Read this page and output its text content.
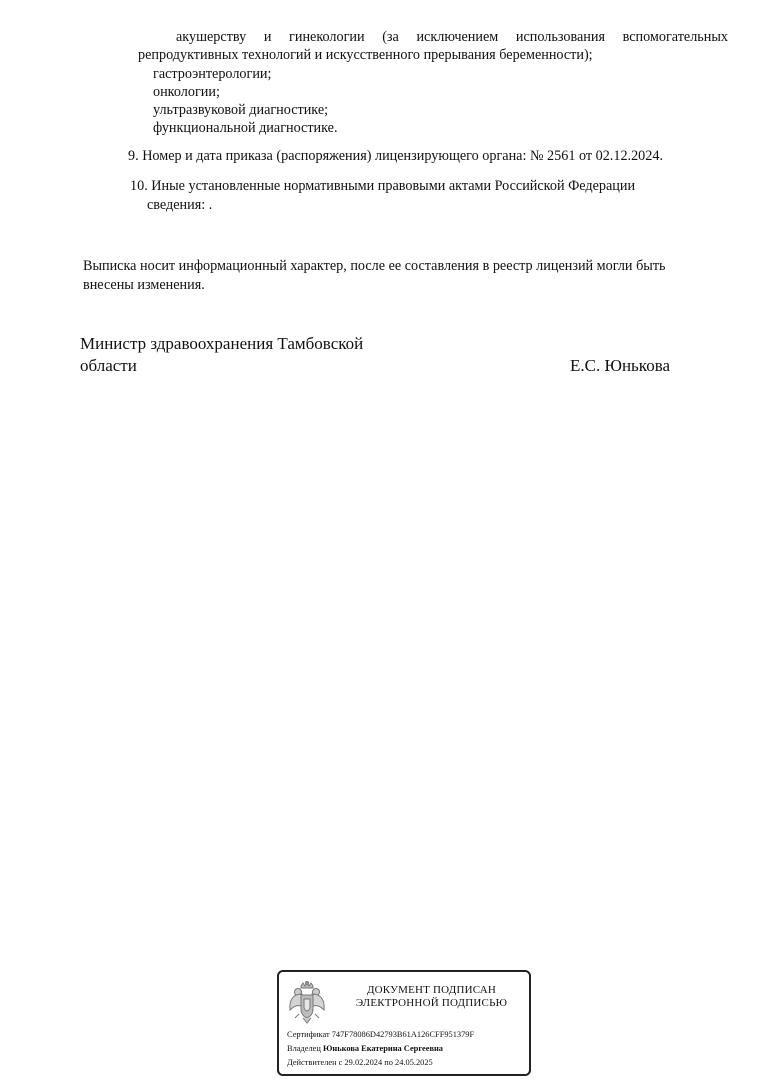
акушерству и гинекологии (за исключением использования вспомогательных
репродуктивных технологий и искусственного прерывания беременности);
гастроэнтерологии;
онкологии;
ультразвуковой диагностике;
функциональной диагностике.
9. Номер и дата приказа (распоряжения) лицензирующего органа: № 2561 от 02.12.2024.
10. Иные установленные нормативными правовыми актами Российской Федерации
сведения: .
Выписка носит информационный характер, после ее составления в реестр лицензий могли быть
внесены изменения.
Министр здравоохранения Тамбовской
области	Е.С. Юнькова
ДОКУМЕНТ ПОДПИСАН
ЭЛЕКТРОННОЙ ПОДПИСЬЮ
Сертификат 747F78086D42793B61A126CFF951379F
Владелец Юнькова Екатерина Сергеевна
Действителен с 29.02.2024 по 24.05.2025
